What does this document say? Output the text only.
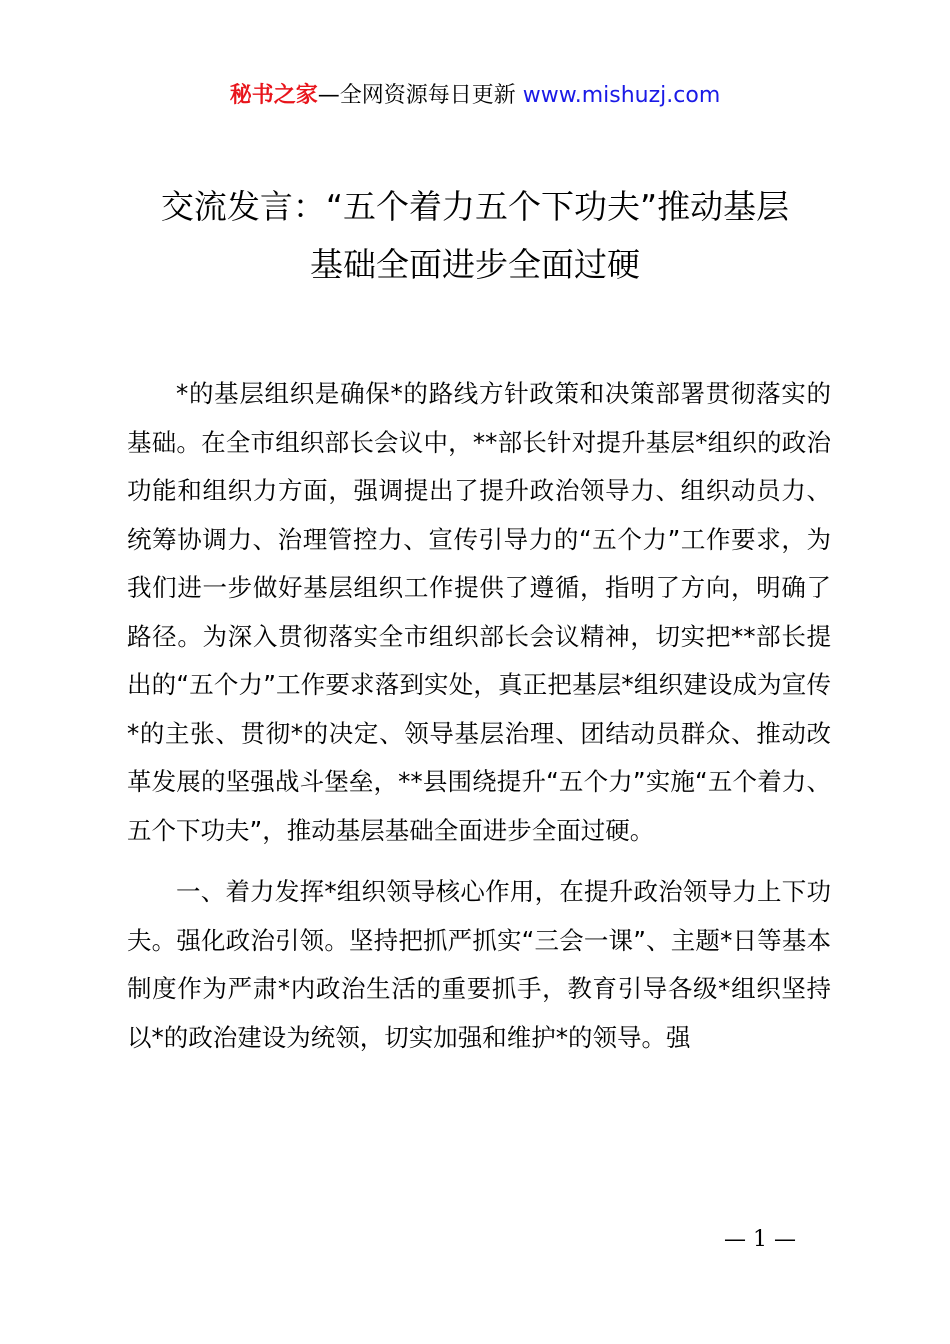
秘书之家—全网资源每日更新 www.mishuzj.com
交流发言：“五个着力五个下功夫”推动基层
基础全面进步全面过硬

*的基层组织是确保*的路线方针政策和决策部署贯彻落实的基础。在全市组织部长会议中，**部长针对提升基层*组织的政治功能和组织力方面，强调提出了提升政治领导力、组织动员力、统筹协调力、治理管控力、宣传引导力的“五个力”工作要求，为我们进一步做好基层组织工作提供了遵循，指明了方向，明确了路径。为深入贯彻落实全市组织部长会议精神，切实把**部长提出的“五个力”工作要求落到实处，真正把基层*组织建设成为宣传*的主张、贯彻*的决定、领导基层治理、团结动员群众、推动改革发展的坚强战斗堡垒，**县围绕提升“五个力”实施“五个着力、五个下功夫”，推动基层基础全面进步全面过硬。

一、着力发挥*组织领导核心作用，在提升政治领导力上下功夫。强化政治引领。坚持把抓严抓实“三会一课”、主题*日等基本制度作为严肃*内政治生活的重要抓手，教育引导各级*组织坚持以*的政治建设为统领，切实加强和维护*的领导。强

— 1 —
